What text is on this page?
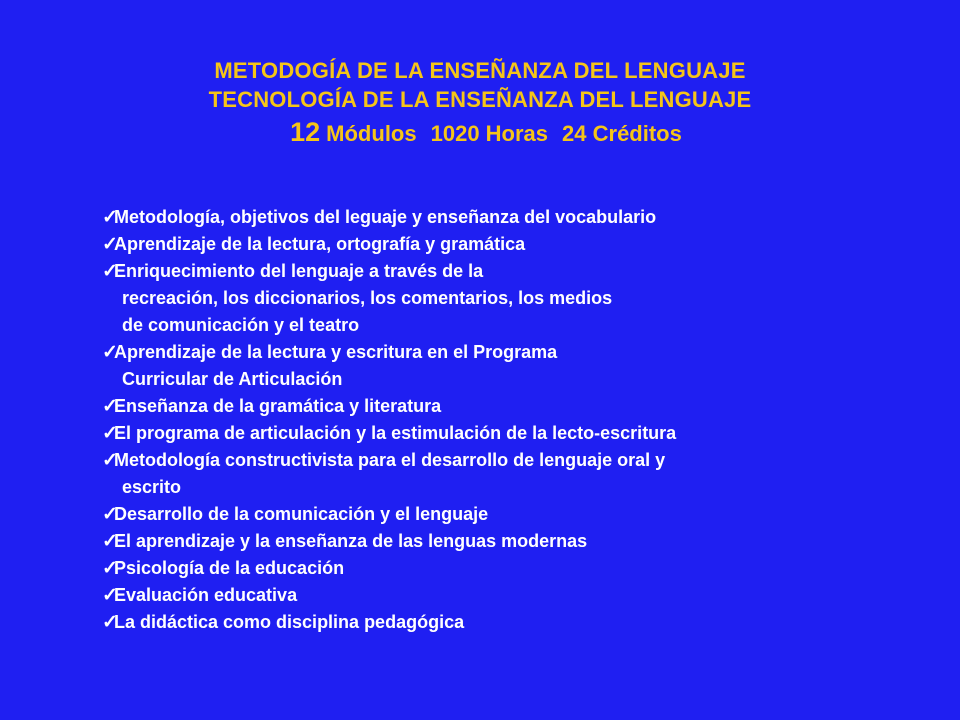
METODOGÍA DE LA ENSEÑANZA DEL LENGUAJE
TECNOLOGÍA DE LA ENSEÑANZA DEL LENGUAJE
12 Módulos 1020 Horas 24 Créditos
✓
Metodología, objetivos del leguaje y enseñanza del vocabulario
✓
Aprendizaje de la lectura, ortografía y gramática
✓
Enriquecimiento del lenguaje a través de la
recreación, los diccionarios, los comentarios, los medios
de comunicación y el teatro
✓
Aprendizaje de la lectura y escritura en el Programa
Curricular de Articulación
✓
Enseñanza de la gramática y literatura
✓
El programa de articulación y la estimulación de la lecto-escritura
✓
Metodología constructivista para el desarrollo de lenguaje oral y
escrito
✓
Desarrollo de la comunicación y el lenguaje
✓
El aprendizaje y la enseñanza de las lenguas modernas
✓
Psicología de la educación
✓
Evaluación educativa
✓
La didáctica como disciplina pedagógica
